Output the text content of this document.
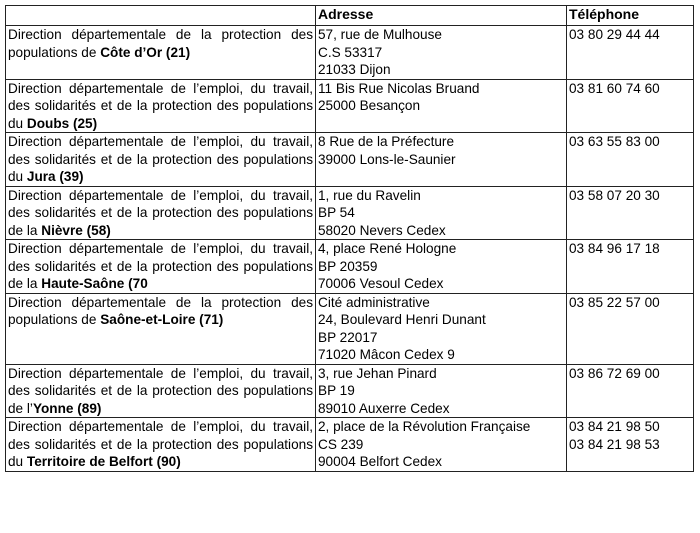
	Adresse	Téléphone
Direction départementale de la protection des populations de Côte d’Or (21)	57, rue de Mulhouse
C.S 53317
21033 Dijon	03 80 29 44 44

Direction départementale de l’emploi, du travail, des solidarités et de la protection des populations du Doubs (25)	11 Bis Rue Nicolas Bruand
25000 Besançon	03 81 60 74 60

Direction départementale de l’emploi, du travail, des solidarités et de la protection des populations du Jura (39)	8 Rue de la Préfecture
39000 Lons-le-Saunier	03 63 55 83 00

Direction départementale de l’emploi, du travail, des solidarités et de la protection des populations de la Nièvre (58)	1, rue du Ravelin
BP 54
58020 Nevers Cedex	03 58 07 20 30

Direction départementale de l’emploi, du travail, des solidarités et de la protection des populations de la Haute-Saône (70	4, place René Hologne
BP 20359
70006 Vesoul Cedex	03 84 96 17 18

Direction départementale de la protection des populations de Saône-et-Loire (71)	Cité administrative
24, Boulevard Henri Dunant
BP 22017
71020 Mâcon Cedex 9	03 85 22 57 00

Direction départementale de l’emploi, du travail, des solidarités et de la protection des populations de l’Yonne (89)	3, rue Jehan Pinard
BP 19
89010 Auxerre Cedex	03 86 72 69 00

Direction départementale de l’emploi, du travail, des solidarités et de la protection des populations du Territoire de Belfort (90)	2, place de la Révolution Française
CS 239
90004 Belfort Cedex	03 84 21 98 50
03 84 21 98 53
